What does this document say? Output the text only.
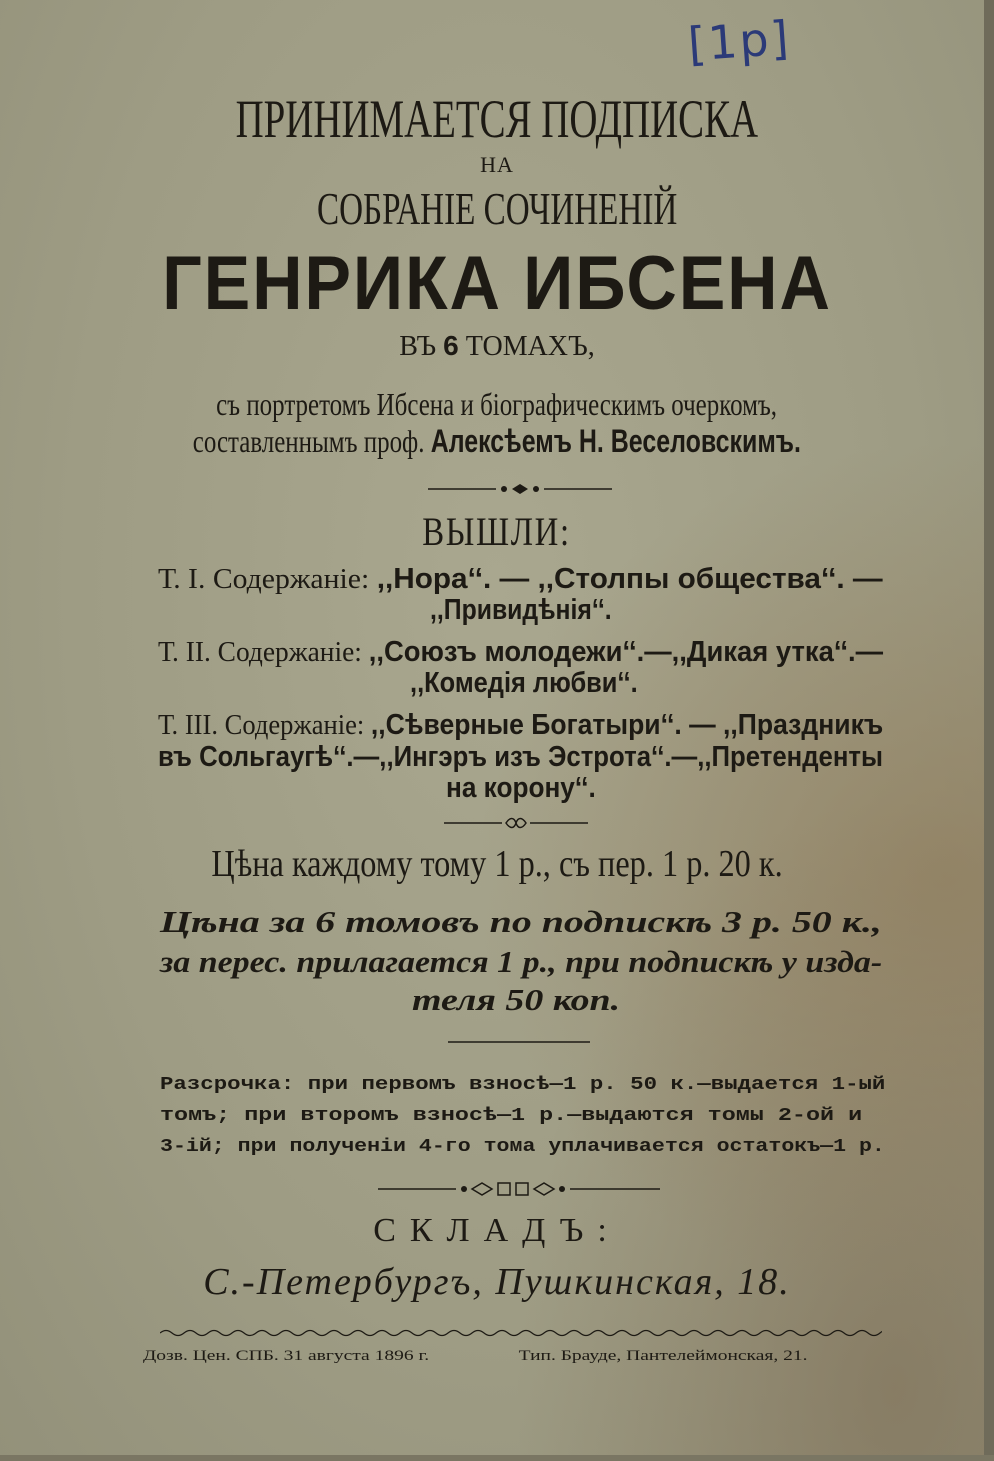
[1р]
ПРИНИМАЕТСЯ ПОДПИСКА
НА
СОБРАНІЕ СОЧИНЕНІЙ
ГЕНРИКА ИБСЕНА
ВЪ 6 ТОМАХЪ,
съ портретомъ Ибсена и біографическимъ очеркомъ,
составленнымъ проф. Алексѣемъ Н. Веселовскимъ.
ВЫШЛИ:
Т. I. Содержаніе: ,,Нора‘‘. — ,,Столпы общества‘‘. —
,,Привидѣнія‘‘.
Т. II. Содержаніе: ,,Союзъ молодежи‘‘.—,,Дикая утка‘‘.—
,,Комедія любви‘‘.
Т. III. Содержаніе: ,,Сѣверные Богатыри‘‘. — ,,Праздникъ
въ Сольгаугѣ‘‘.—,,Ингэръ изъ Эстрота‘‘.—,,Претенденты
на корону‘‘.
Цѣна каждому тому 1 р., съ пер. 1 р. 20 к.
Цѣна за 6 томовъ по подпискѣ 3 р. 50 к.,
за перес. прилагается 1 р., при подпискѣ у изда-
теля 50 коп.
Разсрочка: при первомъ взносѣ—1 р. 50 к.—выдается 1-ый
томъ; при второмъ взносѣ—1 р.—выдаются томы 2-ой и
3-ій; при полученіи 4-го тома уплачивается остатокъ—1 р.
СКЛАДЪ:
С.-Петербургъ, Пушкинская, 18.
Дозв. Цен. СПБ. 31 августа 1896 г.	Тип. Брауде, Пантелеймонская, 21.
